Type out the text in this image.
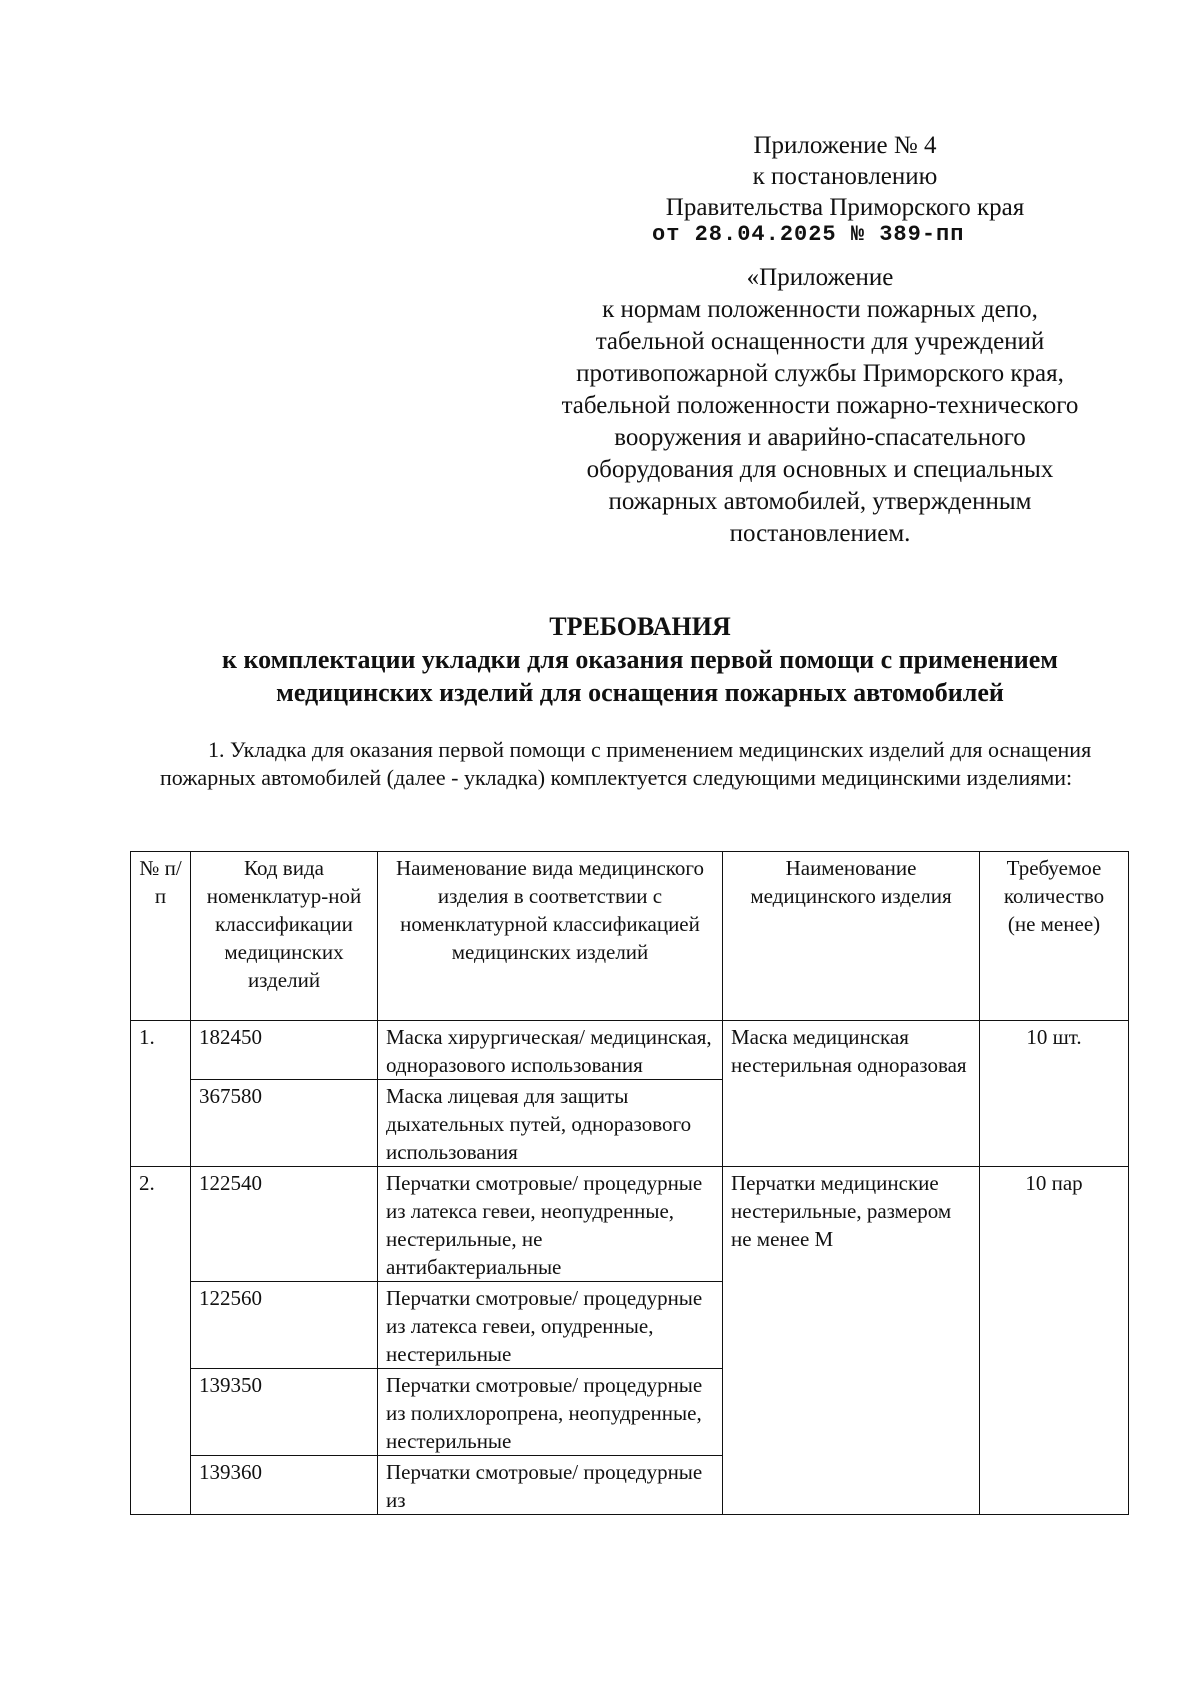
Приложение № 4
к постановлению
Правительства Приморского края
от 28.04.2025 № 389-пп
«Приложение
к нормам положенности пожарных депо,
табельной оснащенности для учреждений
противопожарной службы Приморского края,
табельной положенности пожарно-технического
вооружения и аварийно-спасательного
оборудования для основных и специальных
пожарных автомобилей, утвержденным
постановлением.
ТРЕБОВАНИЯ
к комплектации укладки для оказания первой помощи с применением
медицинских изделий для оснащения пожарных автомобилей
1. Укладка для оказания первой помощи с применением медицинских изделий для оснащения пожарных автомобилей (далее - укладка) комплектуется следующими медицинскими изделиями:
№ п/ п	Код вида номенклатур-ной классификации медицинских изделий	Наименование вида медицинского изделия в соответствии с номенклатурной классификацией медицинских изделий	Наименование медицинского изделия	Требуемое количество (не менее)
1.	182450	Маска хирургическая/ медицинская, одноразового использования	Маска медицинская нестерильная одноразовая	10 шт.
	367580	Маска лицевая для защиты дыхательных путей, одноразового использования		
2.	122540	Перчатки смотровые/ процедурные из латекса гевеи, неопудренные, нестерильные, не антибактериальные	Перчатки медицинские нестерильные, размером не менее М	10 пар
	122560	Перчатки смотровые/ процедурные из латекса гевеи, опудренные, нестерильные		
	139350	Перчатки смотровые/ процедурные из полихлоропрена, неопудренные, нестерильные		
	139360	Перчатки смотровые/ процедурные из		
